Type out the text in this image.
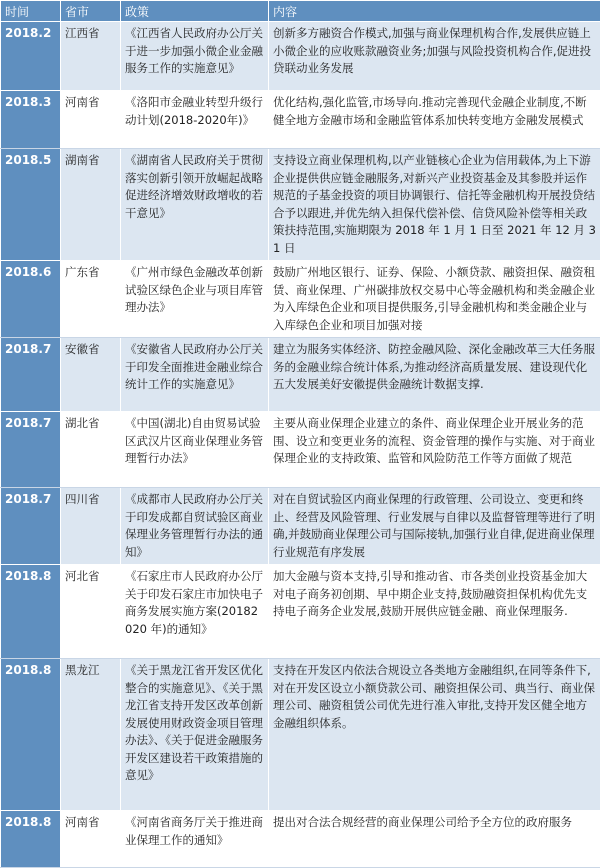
时间	省市	政策	内容
2018.2	江西省	《江西省人民政府办公厅关于进一步加强小微企业金融服务工作的实施意见》	创新多方融资合作模式,加强与商业保理机构合作,发展供应链上小微企业的应收账款融资业务;加强与风险投资机构合作,促进投贷联动业务发展
2018.3	河南省	《洛阳市金融业转型升级行动计划(2018-2020年)》	优化结构,强化监管,市场导向.推动完善现代金融企业制度,不断健全地方金融市场和金融监管体系加快转变地方金融发展模式
2018.5	湖南省	《湖南省人民政府关于贯彻落实创新引领开放崛起战略促进经济增效财政增收的若干意见》	支持设立商业保理机构,以产业链核心企业为信用载体,为上下游企业提供供应链金融服务,对新兴产业投资基金及其参股并运作规范的子基金投资的项目协调银行、信托等金融机构开展投贷结合予以跟进,并优先纳入担保代偿补偿、信贷风险补偿等相关政策扶持范围,实施期限为 2018 年 1 月 1 日至 2021 年 12 月 31 日
2018.6	广东省	《广州市绿色金融改革创新试验区绿色企业与项目库管理办法》	鼓励广州地区银行、证券、保险、小额贷款、融资担保、融资租赁、商业保理、广州碳排放权交易中心等金融机构和类金融企业为入库绿色企业和项目提供服务,引导金融机构和类金融企业与入库绿色企业和项目加强对接
2018.7	安徽省	《安徽省人民政府办公厅关于印发全面推进金融业综合统计工作的实施意见》	建立为服务实体经济、防控金融风险、深化金融改革三大任务服务的金融业综合统计体系,为推动经济高质量发展、建设现代化五大发展美好安徽提供金融统计数据支撑.
2018.7	湖北省	《中国(湖北)自由贸易试验区武汉片区商业保理业务管理暂行办法》	主要从商业保理企业建立的条件、商业保理企业开展业务的范围、设立和变更业务的流程、资金管理的操作与实施、对于商业保理企业的支持政策、监管和风险防范工作等方面做了规范
2018.7	四川省	《成都市人民政府办公厅关于印发成都自贸试验区商业保理业务管理暂行办法的通知》	对在自贸试验区内商业保理的行政管理、公司设立、变更和终止、经营及风险管理、行业发展与自律以及监督管理等进行了明确,并鼓励商业保理公司与国际接轨,加强行业自律,促进商业保理行业规范有序发展
2018.8	河北省	《石家庄市人民政府办公厅关于印发石家庄市加快电子商务发展实施方案(20182020 年)的通知》	加大金融与资本支持,引导和推动省、市各类创业投资基金加大对电子商务初创期、早中期企业支持,鼓励融资担保机构优先支持电子商务企业发展,鼓励开展供应链金融、商业保理服务.
2018.8	黑龙江	《关于黑龙江省开发区优化整合的实施意见》、《关于黑龙江省支持开发区改革创新发展使用财政资金项目管理办法》、《关于促进金融服务开发区建设若干政策措施的意见》	支持在开发区内依法合规设立各类地方金融组织,在同等条件下,对在开发区设立小额贷款公司、融资担保公司、典当行、商业保理公司、融资租赁公司优先进行准入审批,支持开发区健全地方金融组织体系。
2018.8	河南省	《河南省商务厅关于推进商业保理工作的通知》	提出对合法合规经营的商业保理公司给予全方位的政府服务
